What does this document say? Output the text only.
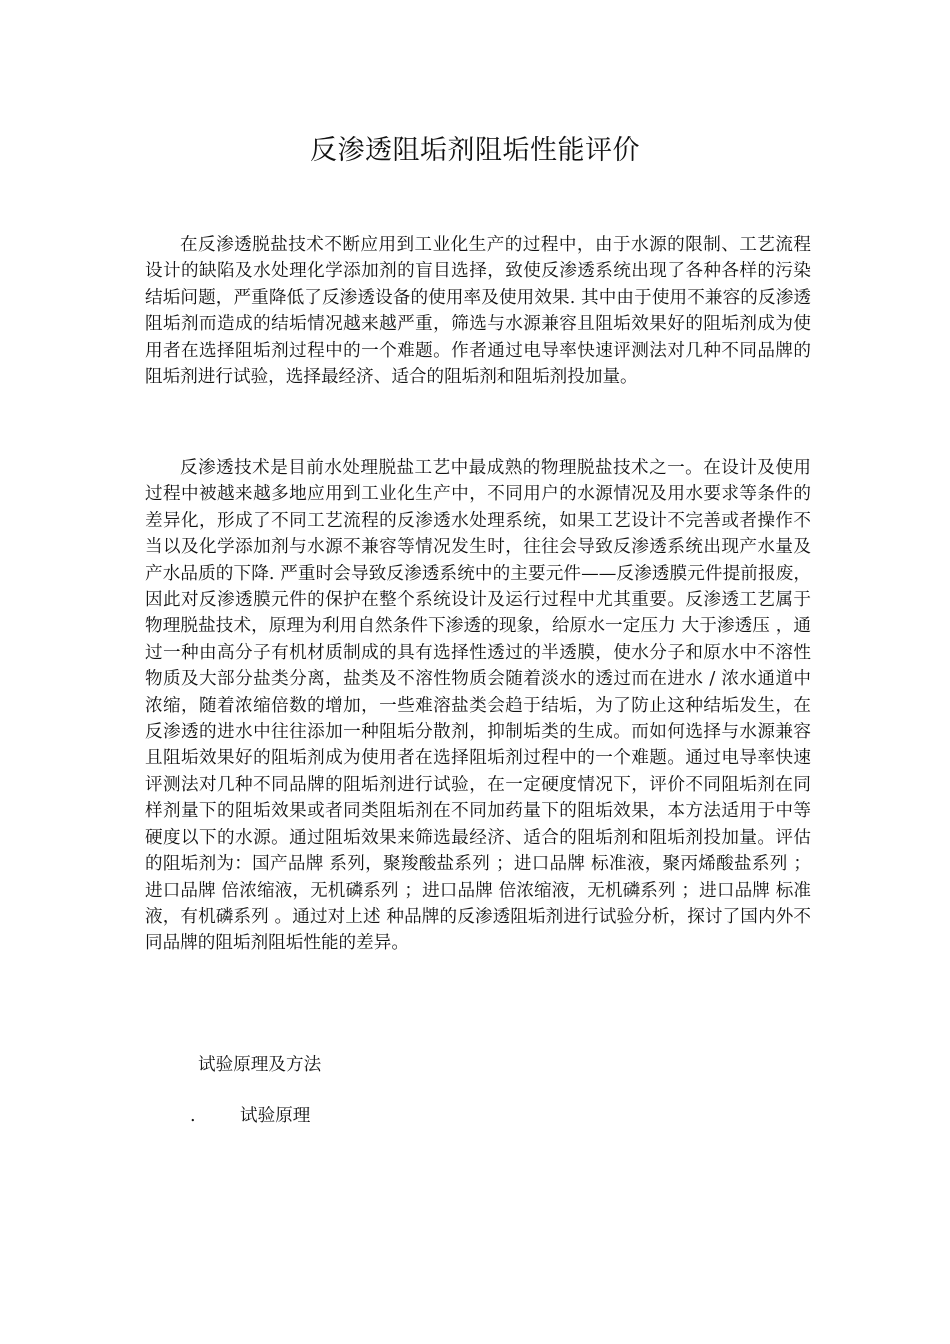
反渗透阻垢剂阻垢性能评价

在反渗透脱盐技术不断应用到工业化生产的过程中，由于水源的限制、工艺流程设计的缺陷及水处理化学添加剂的盲目选择，致使反渗透系统出现了各种各样的污染结垢问题，严重降低了反渗透设备的使用率及使用效果. 其中由于使用不兼容的反渗透阻垢剂而造成的结垢情况越来越严重，筛选与水源兼容且阻垢效果好的阻垢剂成为使用者在选择阻垢剂过程中的一个难题。作者通过电导率快速评测法对几种不同品牌的阻垢剂进行试验，选择最经济、适合的阻垢剂和阻垢剂投加量。

反渗透技术是目前水处理脱盐工艺中最成熟的物理脱盐技术之一。在设计及使用过程中被越来越多地应用到工业化生产中，不同用户的水源情况及用水要求等条件的差异化，形成了不同工艺流程的反渗透水处理系统，如果工艺设计不完善或者操作不当以及化学添加剂与水源不兼容等情况发生时，往往会导致反渗透系统出现产水量及产水品质的下降. 严重时会导致反渗透系统中的主要元件——反渗透膜元件提前报废，因此对反渗透膜元件的保护在整个系统设计及运行过程中尤其重要。反渗透工艺属于物理脱盐技术，原理为利用自然条件下渗透的现象，给原水一定压力 大于渗透压 ，通过一种由高分子有机材质制成的具有选择性透过的半透膜，使水分子和原水中不溶性物质及大部分盐类分离，盐类及不溶性物质会随着淡水的透过而在进水 / 浓水通道中浓缩，随着浓缩倍数的增加，一些难溶盐类会趋于结垢，为了防止这种结垢发生，在反渗透的进水中往往添加一种阻垢分散剂，抑制垢类的生成。而如何选择与水源兼容且阻垢效果好的阻垢剂成为使用者在选择阻垢剂过程中的一个难题。通过电导率快速评测法对几种不同品牌的阻垢剂进行试验，在一定硬度情况下，评价不同阻垢剂在同样剂量下的阻垢效果或者同类阻垢剂在不同加药量下的阻垢效果，本方法适用于中等硬度以下的水源。通过阻垢效果来筛选最经济、适合的阻垢剂和阻垢剂投加量。评估的阻垢剂为：国产品牌 系列，聚羧酸盐系列 ；进口品牌 标准液，聚丙烯酸盐系列 ；进口品牌 倍浓缩液，无机磷系列 ；进口品牌 倍浓缩液，无机磷系列 ；进口品牌 标准液，有机磷系列 。通过对上述 种品牌的反渗透阻垢剂进行试验分析，探讨了国内外不同品牌的阻垢剂阻垢性能的差异。

试验原理及方法
.	试验原理
